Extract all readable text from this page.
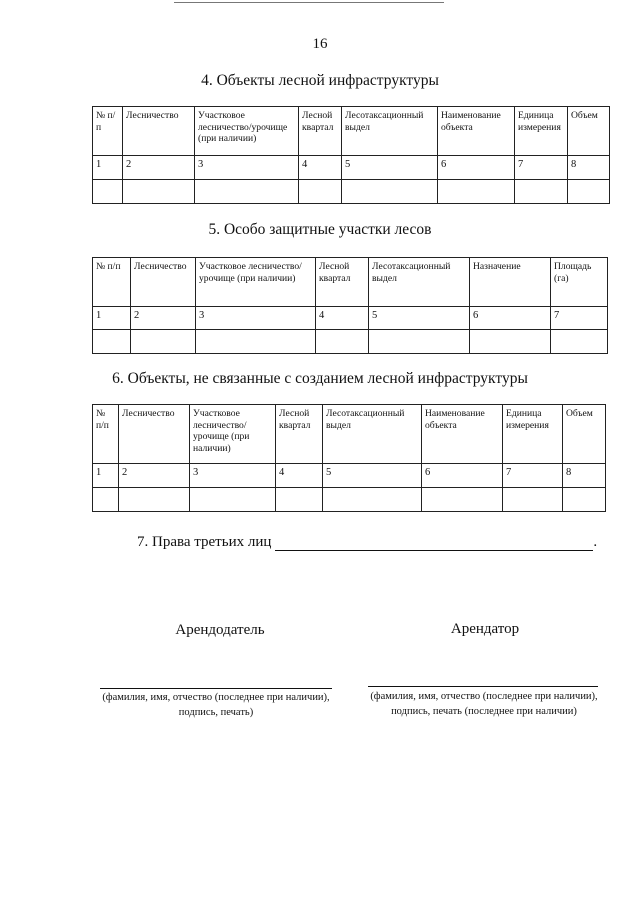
16
4. Объекты лесной инфраструктуры
№ п/п	Лесничество	Участковое лесничество/урочище (при наличии)	Лесной квартал	Лесотаксационный выдел	Наименование объекта	Единица измерения	Объем
1	2	3	4	5	6	7	8

5. Особо защитные участки лесов
№ п/п	Лесничество	Участковое лесничество/урочище (при наличии)	Лесной квартал	Лесотаксационный выдел	Назначение	Площадь (га)
1	2	3	4	5	6	7

6. Объекты, не связанные с созданием лесной инфраструктуры
№ п/п	Лесничество	Участковое лесничество/ урочище (при наличии)	Лесной квартал	Лесотаксационный выдел	Наименование объекта	Единица измерения	Объем
1	2	3	4	5	6	7	8

7. Права третьих лиц	.
Арендодатель	Арендатор
(фамилия, имя, отчество (последнее при наличии),
подпись, печать)
(фамилия, имя, отчество (последнее при наличии),
подпись, печать (последнее при наличии)
